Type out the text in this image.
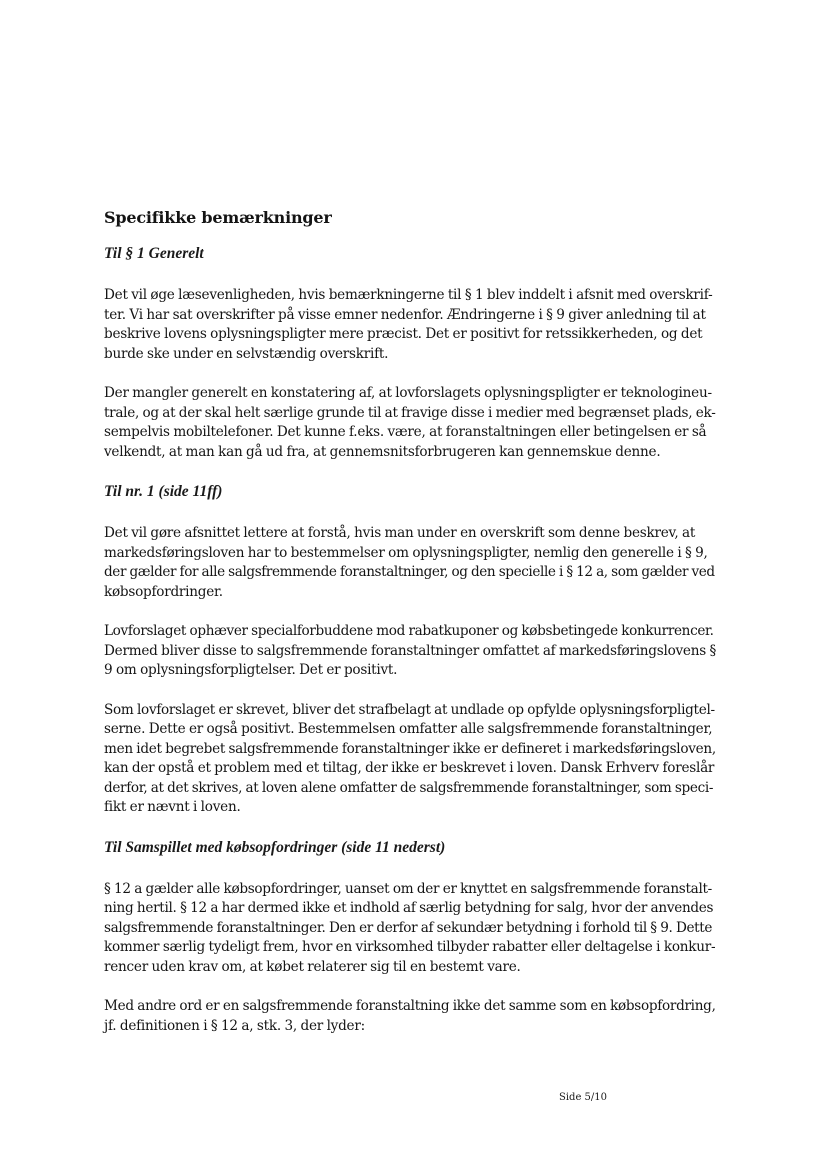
Specifikke bemærkninger
Til § 1 Generelt

Det vil øge læsevenligheden, hvis bemærkningerne til § 1 blev inddelt i afsnit med overskrif-
ter. Vi har sat overskrifter på visse emner nedenfor. Ændringerne i § 9 giver anledning til at
beskrive lovens oplysningspligter mere præcist. Det er positivt for retssikkerheden, og det
burde ske under en selvstændig overskrift.

Der mangler generelt en konstatering af, at lovforslagets oplysningspligter er teknologineu-
trale, og at der skal helt særlige grunde til at fravige disse i medier med begrænset plads, ek-
sempelvis mobiltelefoner. Det kunne f.eks. være, at foranstaltningen eller betingelsen er så
velkendt, at man kan gå ud fra, at gennemsnitsforbrugeren kan gennemskue denne.

Til nr. 1 (side 11ff)

Det vil gøre afsnittet lettere at forstå, hvis man under en overskrift som denne beskrev, at
markedsføringsloven har to bestemmelser om oplysningspligter, nemlig den generelle i § 9,
der gælder for alle salgsfremmende foranstaltninger, og den specielle i § 12 a, som gælder ved
købsopfordringer.

Lovforslaget ophæver specialforbuddene mod rabatkuponer og købsbetingede konkurrencer.
Dermed bliver disse to salgsfremmende foranstaltninger omfattet af markedsføringslovens §
9 om oplysningsforpligtelser. Det er positivt.

Som lovforslaget er skrevet, bliver det strafbelagt at undlade op opfylde oplysningsforpligtel-
serne. Dette er også positivt. Bestemmelsen omfatter alle salgsfremmende foranstaltninger,
men idet begrebet salgsfremmende foranstaltninger ikke er defineret i markedsføringsloven,
kan der opstå et problem med et tiltag, der ikke er beskrevet i loven. Dansk Erhverv foreslår
derfor, at det skrives, at loven alene omfatter de salgsfremmende foranstaltninger, som speci-
fikt er nævnt i loven.

Til Samspillet med købsopfordringer (side 11 nederst)

§ 12 a gælder alle købsopfordringer, uanset om der er knyttet en salgsfremmende foranstalt-
ning hertil. § 12 a har dermed ikke et indhold af særlig betydning for salg, hvor der anvendes
salgsfremmende foranstaltninger. Den er derfor af sekundær betydning i forhold til § 9. Dette
kommer særlig tydeligt frem, hvor en virksomhed tilbyder rabatter eller deltagelse i konkur-
rencer uden krav om, at købet relaterer sig til en bestemt vare.

Med andre ord er en salgsfremmende foranstaltning ikke det samme som en købsopfordring,
jf. definitionen i § 12 a, stk. 3, der lyder:

Side 5/10
